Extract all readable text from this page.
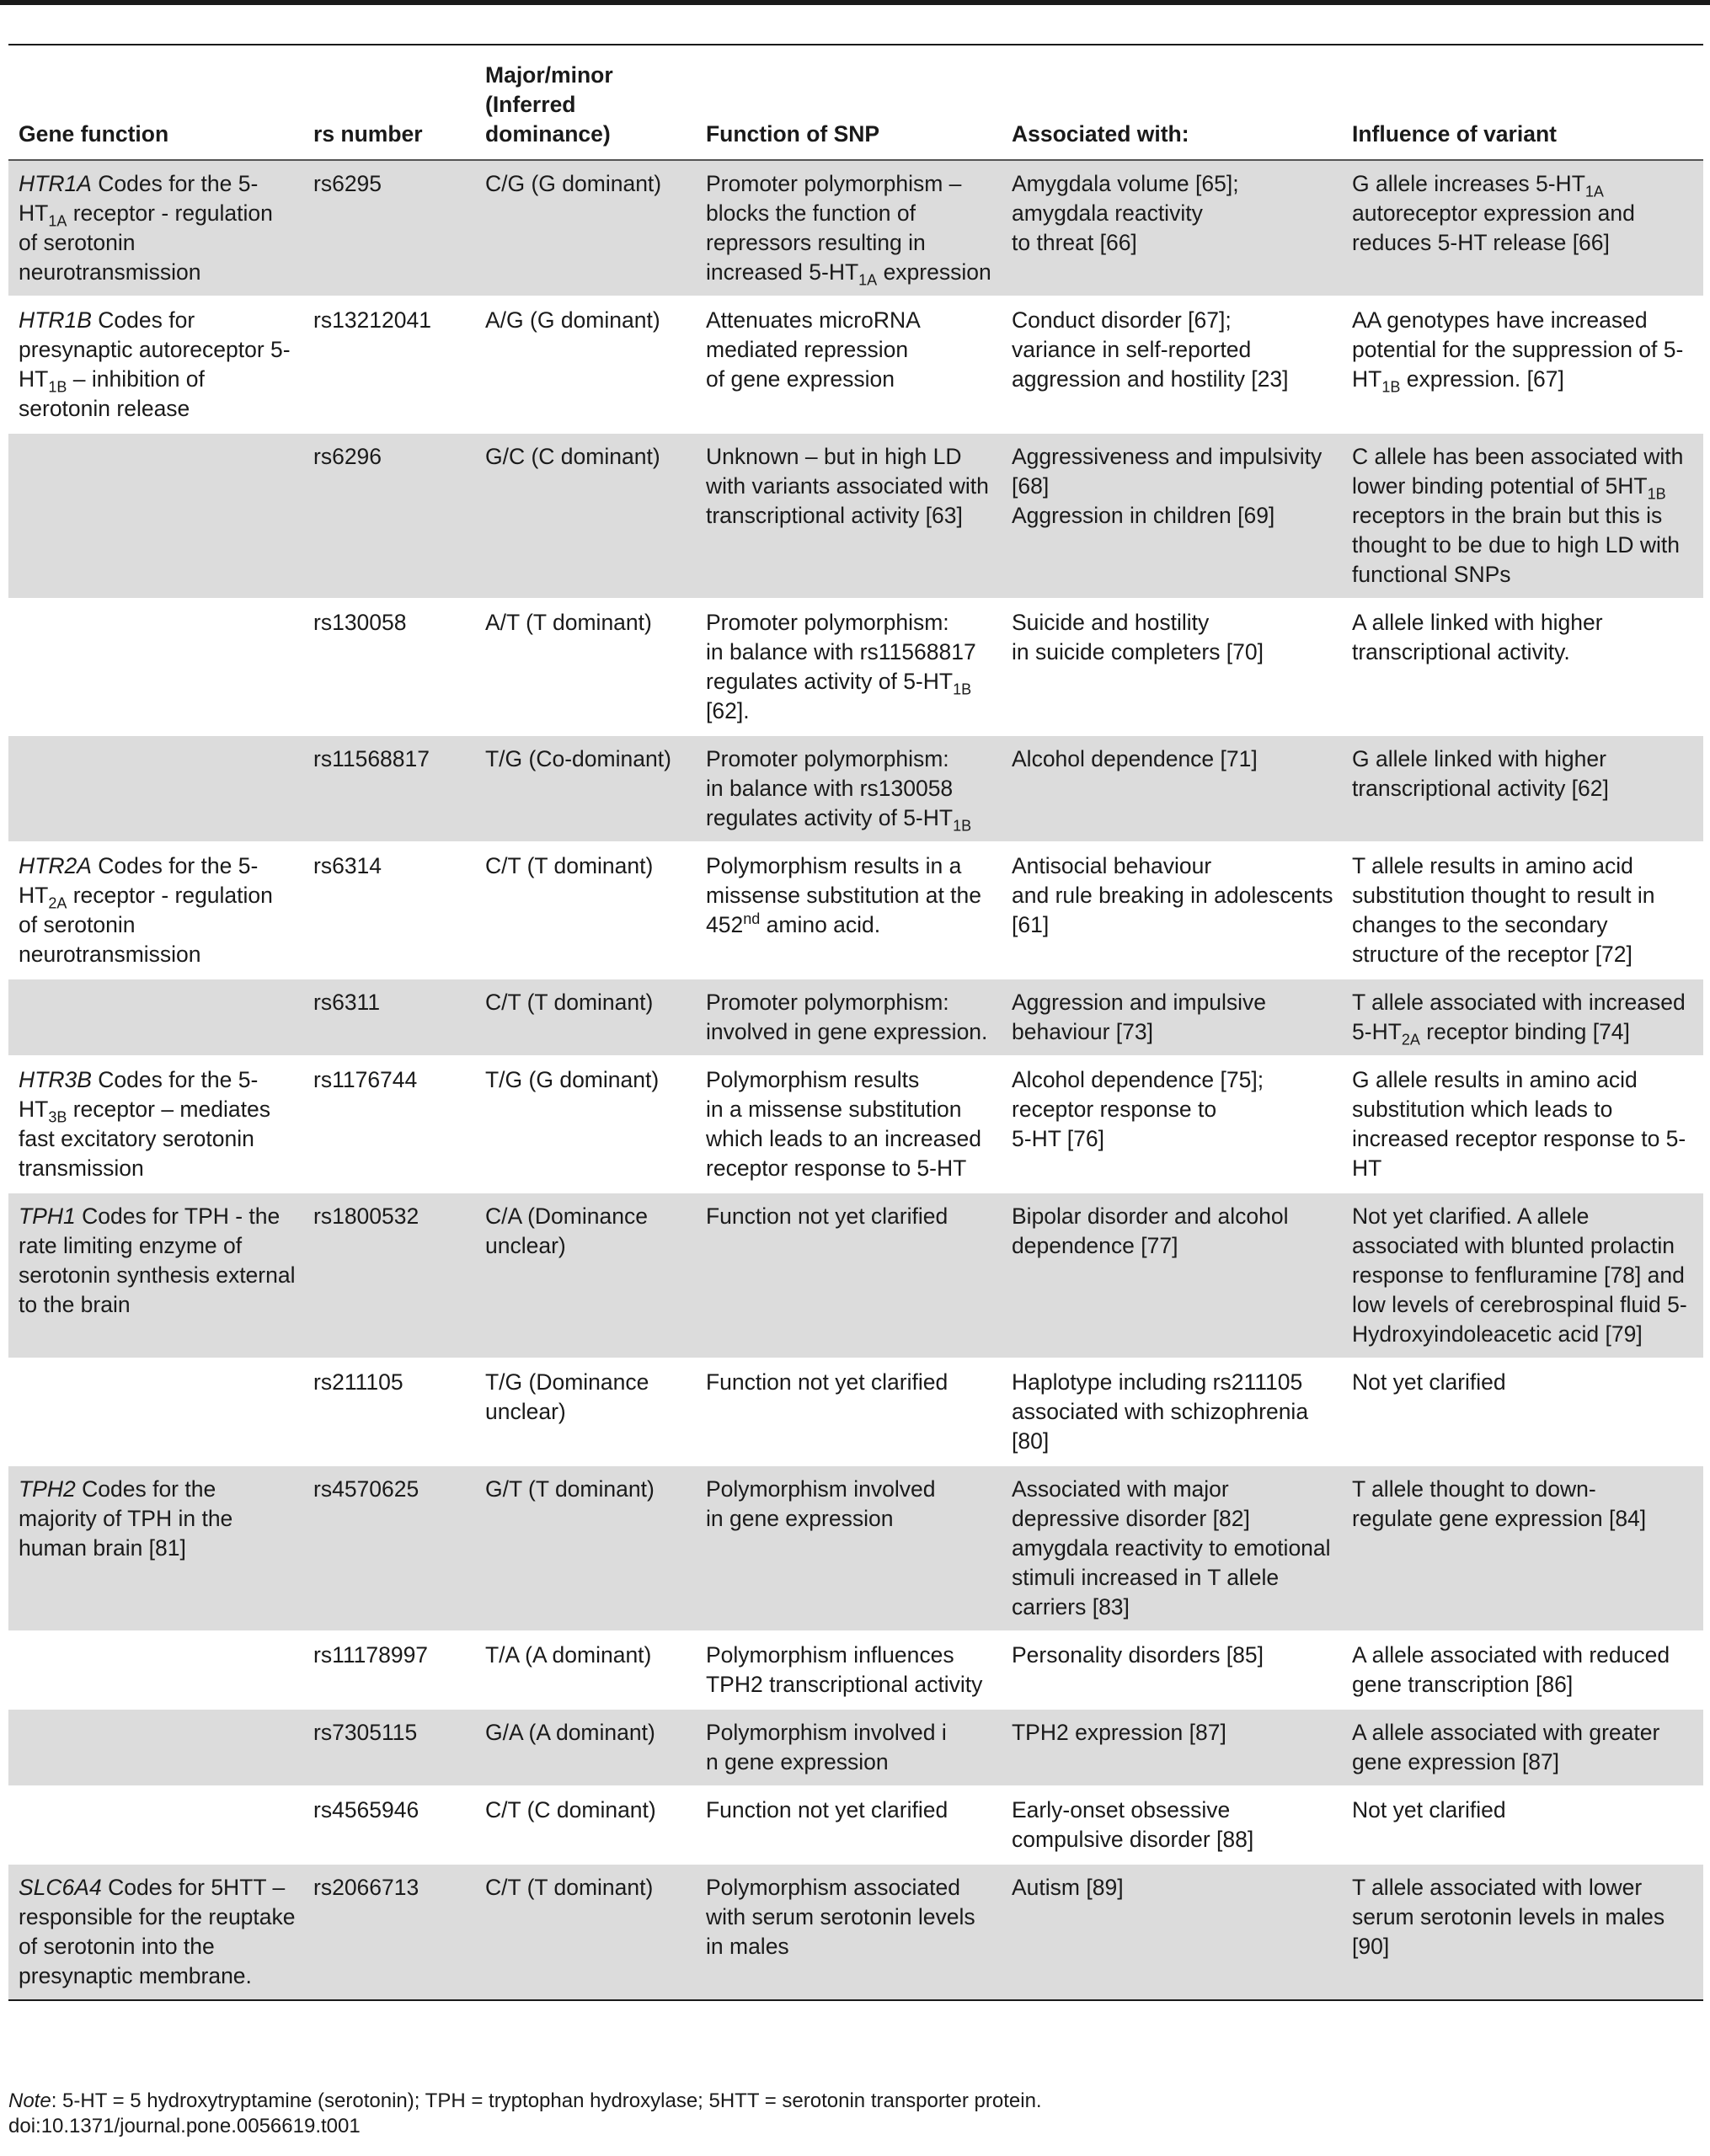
Gene function	rs number	Major/minor (Inferred dominance)	Function of SNP	Associated with:	Influence of variant
HTR1A Codes for the $5-HT_{1A}$ receptor - regulation of serotonin neurotransmission	rs6295	C/G (G dominant)	Promoter polymorphism – blocks the function of repressors resulting in increased $5-HT_{1A}$ expression	Amygdala volume [65];
amygdala reactivity
to threat [66]	G allele increases $5-HT_{1A}$ autoreceptor expression and reduces 5-HT release [66]
HTR1B Codes for presynaptic autoreceptor $5-HT_{1B}$ – inhibition of serotonin release	rs13212041	A/G (G dominant)	Attenuates microRNA mediated repression
of gene expression	Conduct disorder [67];
variance in self-reported aggression and hostility [23]	AA genotypes have increased potential for the suppression of $5-HT_{1B}$ expression. [67]
	rs6296	G/C (C dominant)	Unknown – but in high LD with variants associated with transcriptional activity [63]	Aggressiveness and impulsivity [68]
Aggression in children [69]	C allele has been associated with lower binding potential of $5HT_{1B}$ receptors in the brain but this is thought to be due to high LD with functional SNPs
	rs130058	A/T (T dominant)	Promoter polymorphism:
in balance with rs11568817 regulates activity of $5-HT_{1B}$ [62].	Suicide and hostility
in suicide completers [70]	A allele linked with higher transcriptional activity.
	rs11568817	T/G (Co-dominant)	Promoter polymorphism:
in balance with rs130058 regulates activity of $5-HT_{1B}$	Alcohol dependence [71]	G allele linked with higher transcriptional activity [62]
HTR2A Codes for the $5-HT_{2A}$ receptor - regulation of serotonin neurotransmission	rs6314	C/T (T dominant)	Polymorphism results in a missense substitution at the 452nd amino acid.	Antisocial behaviour
and rule breaking in adolescents [61]	T allele results in amino acid substitution thought to result in changes to the secondary structure of the receptor [72]
	rs6311	C/T (T dominant)	Promoter polymorphism: involved in gene expression.	Aggression and impulsive behaviour [73]	T allele associated with increased $5-HT_{2A}$ receptor binding [74]
HTR3B Codes for the $5-HT_{3B}$ receptor – mediates fast excitatory serotonin transmission	rs1176744	T/G (G dominant)	Polymorphism results
in a missense substitution which leads to an increased receptor response to 5-HT	Alcohol dependence [75];
receptor response to
5-HT [76]	G allele results in amino acid substitution which leads to increased receptor response to 5-HT
TPH1 Codes for TPH - the rate limiting enzyme of serotonin synthesis external to the brain	rs1800532	C/A (Dominance unclear)	Function not yet clarified	Bipolar disorder and alcohol dependence [77]	Not yet clarified. A allele associated with blunted prolactin response to fenfluramine [78] and low levels of cerebrospinal fluid 5-Hydroxyindoleacetic acid [79]
	rs211105	T/G (Dominance unclear)	Function not yet clarified	Haplotype including rs211105 associated with schizophrenia [80]	Not yet clarified
TPH2 Codes for the majority of TPH in the human brain [81]	rs4570625	G/T (T dominant)	Polymorphism involved
in gene expression	Associated with major depressive disorder [82] amygdala reactivity to emotional stimuli increased in T allele carriers [83]	T allele thought to down-
regulate gene expression [84]
	rs11178997	T/A (A dominant)	Polymorphism influences TPH2 transcriptional activity	Personality disorders [85]	A allele associated with reduced gene transcription [86]
	rs7305115	G/A (A dominant)	Polymorphism involved i
n gene expression	TPH2 expression [87]	A allele associated with greater gene expression [87]
	rs4565946	C/T (C dominant)	Function not yet clarified	Early-onset obsessive compulsive disorder [88]	Not yet clarified
SLC6A4 Codes for 5HTT – responsible for the reuptake of serotonin into the presynaptic membrane.	rs2066713	C/T (T dominant)	Polymorphism associated with serum serotonin levels in males	Autism [89]	T allele associated with lower serum serotonin levels in males [90]
Note: 5-HT = 5 hydroxytryptamine (serotonin); TPH = tryptophan hydroxylase; 5HTT = serotonin transporter protein.
doi:10.1371/journal.pone.0056619.t001
